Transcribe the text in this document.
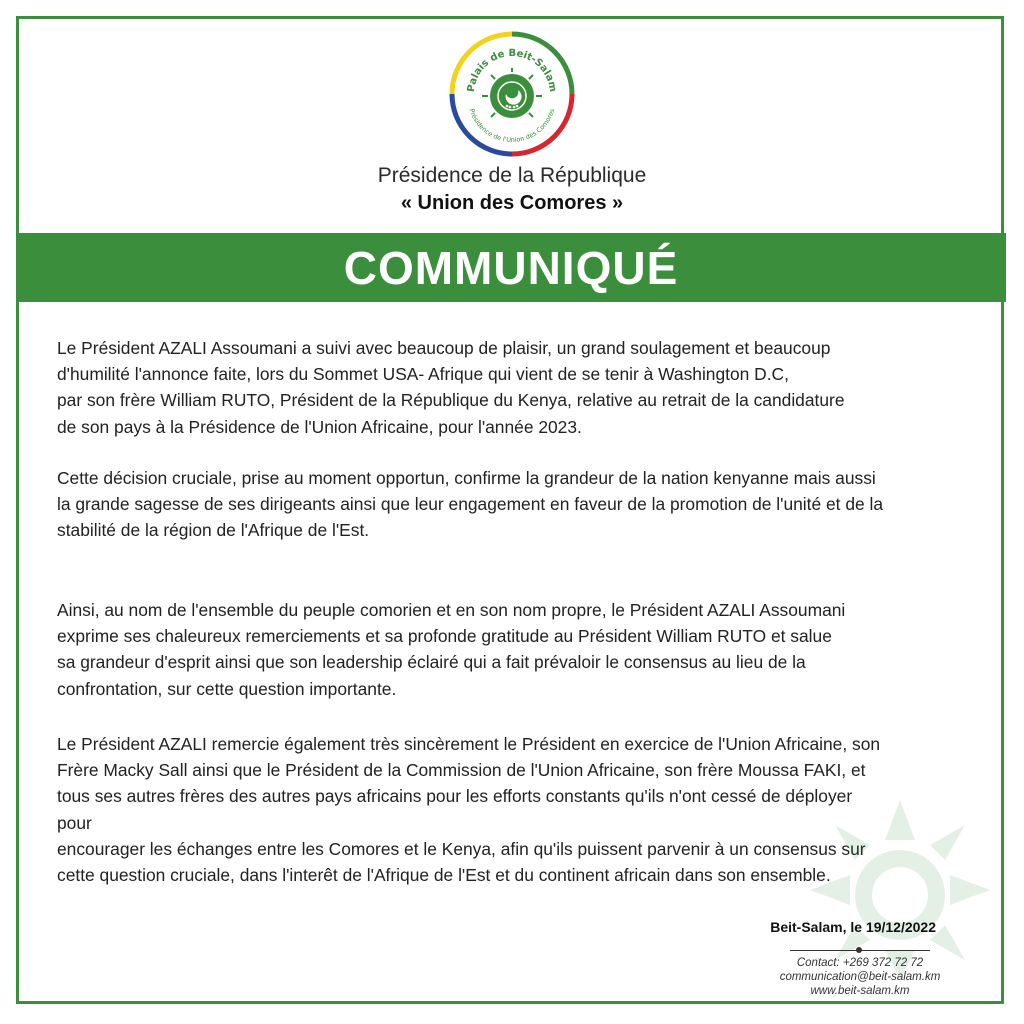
Palais de Beit-Salam
Présidence de l'Union des Comores
Présidence de la République
« Union des Comores »
COMMUNIQUÉ
Le Président AZALI Assoumani a suivi avec beaucoup de plaisir, un grand soulagement et beaucoup
d'humilité l'annonce faite, lors du Sommet USA- Afrique qui vient de se tenir à Washington D.C,
par son frère William RUTO, Président de la République du Kenya, relative au retrait de la candidature
de son pays à la Présidence de l'Union Africaine, pour l'année 2023.
Cette décision cruciale, prise au moment opportun, confirme la grandeur de la nation kenyanne mais aussi
la grande sagesse de ses dirigeants ainsi que leur engagement en faveur de la promotion de l'unité et de la
stabilité de la région de l'Afrique de l'Est.
Ainsi, au nom de l'ensemble du peuple comorien et en son nom propre, le Président AZALI Assoumani
exprime ses chaleureux remerciements et sa profonde gratitude au Président William RUTO et salue
sa grandeur d'esprit ainsi que son leadership éclairé qui a fait prévaloir le consensus au lieu de la
confrontation, sur cette question importante.
Le Président AZALI remercie également très sincèrement le Président en exercice de l'Union Africaine, son
Frère Macky Sall ainsi que le Président de la Commission de l'Union Africaine, son frère Moussa FAKI, et
tous ses autres frères des autres pays africains pour les efforts constants qu'ils n'ont cessé de déployer
pour
encourager les échanges entre les Comores et le Kenya, afin qu'ils puissent parvenir à un consensus sur
cette question cruciale, dans l'interêt de l'Afrique de l'Est et du continent africain dans son ensemble.
Beit-Salam, le 19/12/2022
Contact: +269 372 72 72
communication@beit-salam.km
www.beit-salam.km
